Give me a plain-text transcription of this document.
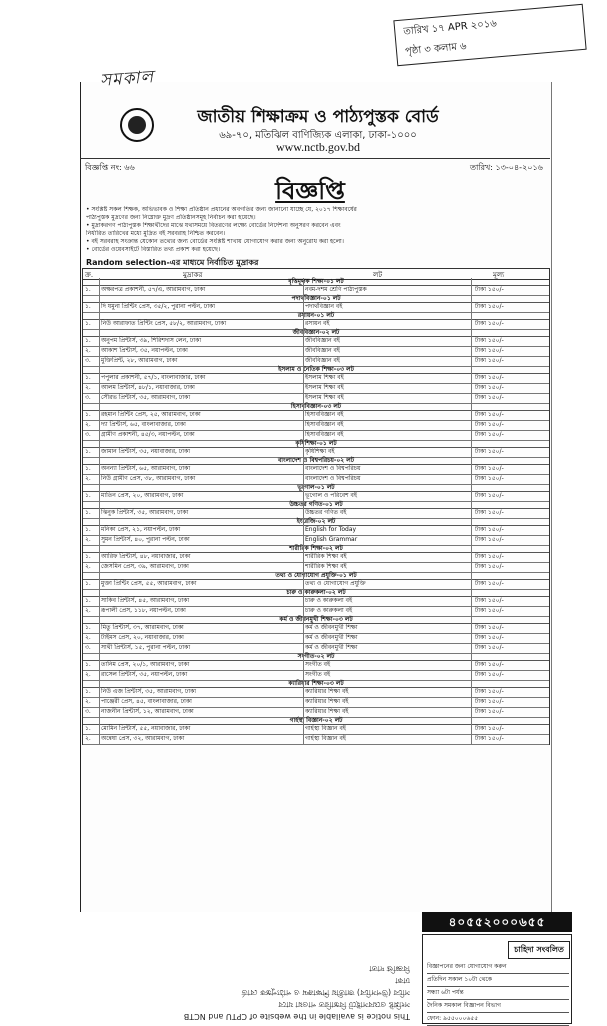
সমকাল
তারিখ ১৭ APR ২০১৬
পৃষ্ঠা ৩ কলাম ৬
জাতীয় শিক্ষাক্রম ও পাঠ্যপুস্তক বোর্ড
৬৯-৭০, মতিঝিল বাণিজ্যিক এলাকা, ঢাকা-১০০০
www.nctb.gov.bd
বিজ্ঞপ্তি নং: ৬৬	তারিখ: ১৩-০৪-২০১৬
বিজ্ঞপ্তি

• সংশ্লিষ্ট সকল শিক্ষক, অভিভাবক ও শিক্ষা প্রতিষ্ঠান প্রধানের অবগতির জন্য জানানো যাচ্ছে যে, ২০১৭ শিক্ষাবর্ষের

পাঠ্যপুস্তক মুদ্রণের জন্য নিম্নোক্ত মুদ্রণ প্রতিষ্ঠানসমূহ নির্বাচন করা হয়েছে।

• মুদ্রাকরগণ পাঠ্যপুস্তক শিক্ষার্থীদের মাঝে যথাসময়ে বিতরণের লক্ষ্যে বোর্ডের নির্দেশনা অনুসরণ করবেন এবং

নির্ধারিত তারিখের মধ্যে মুদ্রিত বই সরবরাহ নিশ্চিত করবেন।

• বই সরবরাহ সংক্রান্ত যেকোন তথ্যের জন্য বোর্ডের সংশ্লিষ্ট শাখায় যোগাযোগ করার জন্য অনুরোধ করা হলো।

• বোর্ডের ওয়েবসাইটে বিস্তারিত তথ্য প্রকাশ করা হয়েছে।

Random selection-এর মাধ্যমে নির্বাচিত মুদ্রাকর
ক্র.	মুদ্রাকর	লট	মূল্য
বৃত্তিমূলক শিক্ষা-০১ লট
১.	অক্ষরপত্র প্রকাশনী, ৫৭/এ, আরামবাগ, ঢাকা	নবম-দশম শ্রেণি পাঠ্যপুস্তক	টাকা ১৫০/-
পদার্থবিজ্ঞান-০১ লট
১.	দি যমুনা প্রিন্টিং প্রেস, ৩৫/২, পুরানা পল্টন, ঢাকা	পদার্থবিজ্ঞান বই	টাকা ১৫০/-
রসায়ন-০১ লট
১.	নিউ আরাফাত প্রিন্টিং প্রেস, ৫৮/২, আরামবাগ, ঢাকা	রসায়ন বই	টাকা ১৫০/-
জীববিজ্ঞান-০২ লট
১.	অনুপম প্রিন্টার্স, ৩৯, শিরিশদাস লেন, ঢাকা	জীববিজ্ঞান বই	টাকা ১৫০/-
২.	আকাশ প্রিন্টার্স, ৩৫, নয়াপল্টন, ঢাকা	জীববিজ্ঞান বই	টাকা ১৫০/-
৩.	মুক্তিপ্রিন্ট, ২৮, আরামবাগ, ঢাকা	জীববিজ্ঞান বই	টাকা ১৫০/-
ইসলাম ও নৈতিক শিক্ষা-০৩ লট
১.	পপুলার প্রকাশনী, ৫৭/১, বাংলাবাজার, ঢাকা	ইসলাম শিক্ষা বই	টাকা ১৫০/-
২.	আলম প্রিন্টার্স, ৪৮/১, নয়াবাজার, ঢাকা	ইসলাম শিক্ষা বই	টাকা ১৫০/-
৩.	সৌরভ প্রিন্টার্স, ৩৫, আরামবাগ, ঢাকা	ইসলাম শিক্ষা বই	টাকা ১৫০/-
হিসাববিজ্ঞান-০৩ লট
১.	রহমান প্রিন্টিং প্রেস, ২৫, আরামবাগ, ঢাকা	হিসাববিজ্ঞান বই	টাকা ১৫০/-
২.	দ্যা প্রিন্টার্স, ৬৫, বাংলাবাজার, ঢাকা	হিসাববিজ্ঞান বই	টাকা ১৫০/-
৩.	গ্রামীণ প্রকাশনী, ৪৫/৩, নয়াপল্টন, ঢাকা	হিসাববিজ্ঞান বই	টাকা ১৫০/-
কৃষিশিক্ষা-০১ লট
১.	জামান প্রিন্টার্স, ৩৫, নয়াবাজার, ঢাকা	কৃষিশিক্ষা বই	টাকা ১৫০/-
বাংলাদেশ ও বিশ্বপরিচয়-০২ লট
১.	অনন্যা প্রিন্টার্স, ৬৫, আরামবাগ, ঢাকা	বাংলাদেশ ও বিশ্বপরিচয়	টাকা ১৫০/-
২.	নিউ গ্রামীণ প্রেস, ৩৮, আরামবাগ, ঢাকা	বাংলাদেশ ও বিশ্বপরিচয়	টাকা ১৫০/-
ভূগোল-০১ লট
১.	মাতিন প্রেস, ২০, আরামবাগ, ঢাকা	ভূগোল ও পরিবেশ বই	টাকা ১৫০/-
উচ্চতর গণিত-০১ লট
১.	ঝিনুক প্রিন্টার্স, ৩৫, আরামবাগ, ঢাকা	উচ্চতর গণিত বই	টাকা ১৫০/-
ইংরেজি-০২ লট
১.	মনিকা প্রেস, ২১, নয়াপল্টন, ঢাকা	English for Today	টাকা ১৫০/-
২.	সুমন প্রিন্টার্স, ৪০, পুরানা পল্টন, ঢাকা	English Grammar	টাকা ১৫০/-
শারীরিক শিক্ষা-০২ লট
১.	আরিফ প্রিন্টার্স, ৪৮, নয়াবাজার, ঢাকা	শারীরিক শিক্ষা বই	টাকা ১৫০/-
২.	জেসমিন প্রেস, ৩৯, আরামবাগ, ঢাকা	শারীরিক শিক্ষা বই	টাকা ১৫০/-
তথ্য ও যোগাযোগ প্রযুক্তি-০১ লট
১.	মুক্তা প্রিন্টিং প্রেস, ৫৫, আরামবাগ, ঢাকা	তথ্য ও যোগাযোগ প্রযুক্তি	টাকা ১৫০/-
চারু ও কারুকলা-০২ লট
১.	সাকিব প্রিন্টার্স, ৪৫, আরামবাগ, ঢাকা	চারু ও কারুকলা বই	টাকা ১৫০/-
২.	রূপালী প্রেস, ১১৮, নয়াপল্টন, ঢাকা	চারু ও কারুকলা বই	টাকা ১৫০/-
কর্ম ও জীবনমুখী শিক্ষা-০৩ লট
১.	মিতু প্রিন্টার্স, ৩৭, আরামবাগ, ঢাকা	কর্ম ও জীবনমুখী শিক্ষা	টাকা ১৫০/-
২.	টাইমস প্রেস, ২০, নয়াবাজার, ঢাকা	কর্ম ও জীবনমুখী শিক্ষা	টাকা ১৫০/-
৩.	সাথী প্রিন্টার্স, ১৫, পুরানা পল্টন, ঢাকা	কর্ম ও জীবনমুখী শিক্ষা	টাকা ১৫০/-
সংগীত-০২ লট
১.	তানিম প্রেস, ২০/১, আরামবাগ, ঢাকা	সংগীত বই	টাকা ১৫০/-
২.	রাসেল প্রিন্টার্স, ৩৫, নয়াপল্টন, ঢাকা	সংগীত বই	টাকা ১৫০/-
ক্যারিয়ার শিক্ষা-০৩ লট
১.	নিউ এজ প্রিন্টার্স, ৩৫, আরামবাগ, ঢাকা	ক্যারিয়ার শিক্ষা বই	টাকা ১৫০/-
২.	পাঞ্জেরী প্রেস, ৪৫, বাংলাবাজার, ঢাকা	ক্যারিয়ার শিক্ষা বই	টাকা ১৫০/-
৩.	নাজনীন প্রিন্টার্স, ১২, আরামবাগ, ঢাকা	ক্যারিয়ার শিক্ষা বই	টাকা ১৫০/-
গার্হস্থ্য বিজ্ঞান-০২ লট
১.	মোমিন প্রিন্টার্স, ৫৫, নয়াবাজার, ঢাকা	গার্হস্থ্য বিজ্ঞান বই	টাকা ১৫০/-
২.	অন্বেষা প্রেস, ৩২, আরামবাগ, ঢাকা	গার্হস্থ্য বিজ্ঞান বই	টাকা ১৫০/-
৪০৫৫২০০০৬৫৫ ৫৫৫০০০৬৫৫
চাহিদা সংবলিত
বিজ্ঞাপনের জন্য যোগাযোগ করুন
প্রতিদিন সকাল ১০টা থেকে
সন্ধ্যা ৬টা পর্যন্ত
দৈনিক সমকাল বিজ্ঞাপন বিভাগ
ফোন: ৯৫৫০০০৬৫৫
This notice is available in the website of CPTU and NCTB
সংশ্লিষ্ট ওয়েবসাইটে বিস্তারিত পাওয়া যাবে
সচিব (উপসচিব) জাতীয় শিক্ষাক্রম ও পাঠ্যপুস্তক বোর্ড
ঢাকা
বিজ্ঞপ্তি দাতা
